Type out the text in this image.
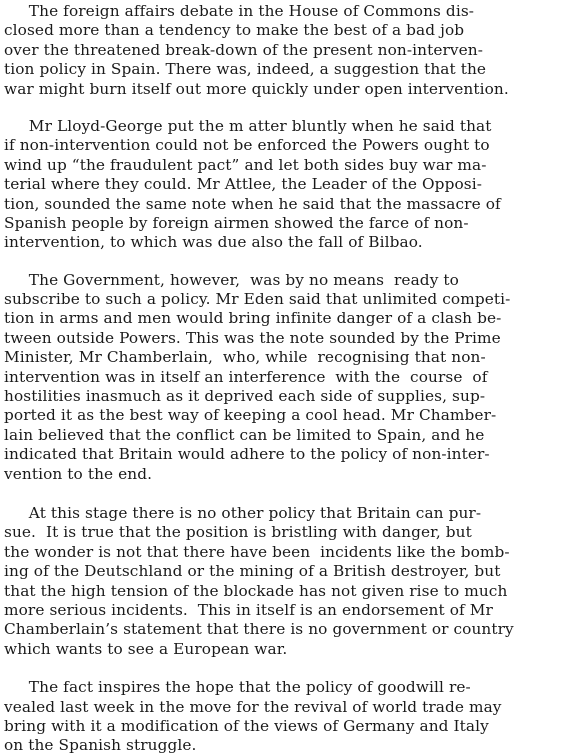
The foreign affairs debate in the House of Commons dis-
closed more than a tendency to make the best of a bad job
over the threatened break-down of the present non-interven-
tion policy in Spain. There was, indeed, a suggestion that the
war might burn itself out more quickly under open intervention.
Mr Lloyd-George put the m atter bluntly when he said that
if non-intervention could not be enforced the Powers ought to
wind up “the fraudulent pact” and let both sides buy war ma-
terial where they could. Mr Attlee, the Leader of the Opposi-
tion, sounded the same note when he said that the massacre of
Spanish people by foreign airmen showed the farce of non-
intervention, to which was due also the fall of Bilbao.
The Government, however,  was by no means  ready to
subscribe to such a policy. Mr Eden said that unlimited competi-
tion in arms and men would bring infinite danger of a clash be-
tween outside Powers. This was the note sounded by the Prime
Minister, Mr Chamberlain,  who, while  recognising that non-
intervention was in itself an interference  with the  course  of
hostilities inasmuch as it deprived each side of supplies, sup-
ported it as the best way of keeping a cool head. Mr Chamber-
lain believed that the conflict can be limited to Spain, and he
indicated that Britain would adhere to the policy of non-inter-
vention to the end.
At this stage there is no other policy that Britain can pur-
sue.  It is true that the position is bristling with danger, but
the wonder is not that there have been  incidents like the bomb-
ing of the Deutschland or the mining of a British destroyer, but
that the high tension of the blockade has not given rise to much
more serious incidents.  This in itself is an endorsement of Mr
Chamberlain’s statement that there is no government or country
which wants to see a European war.
The fact inspires the hope that the policy of goodwill re-
vealed last week in the move for the revival of world trade may
bring with it a modification of the views of Germany and Italy
on the Spanish struggle.
